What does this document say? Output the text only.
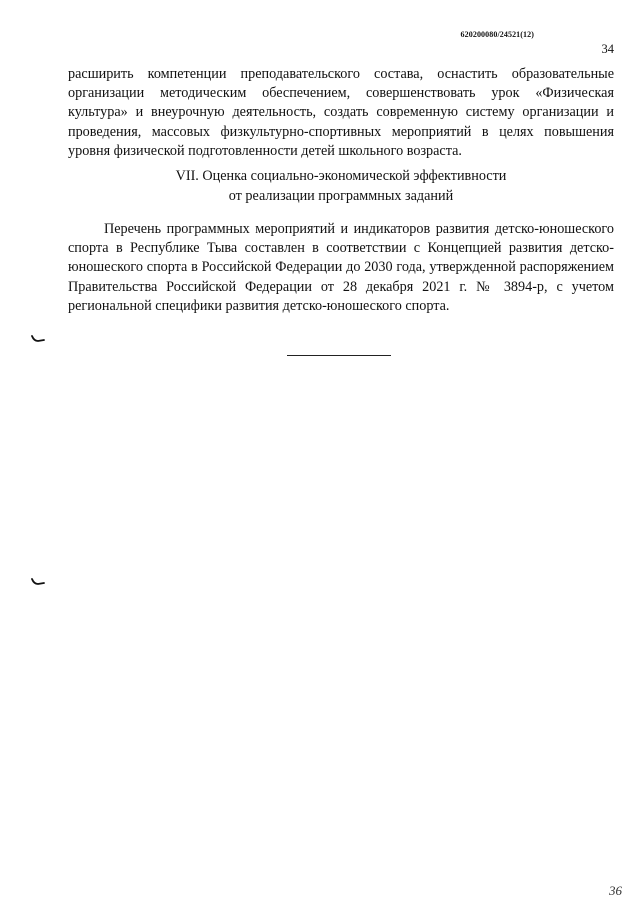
620200080/24521(12)
34

расширить компетенции преподавательского состава, оснастить образовательные организации методическим обеспечением, совершенствовать урок «Физическая культура» и внеурочную деятельность, создать современную систему организации и проведения, массовых физкультурно-спортивных мероприятий в целях повышения уровня физической подготовленности детей школьного возраста.

VII. Оценка социально-экономической эффективности
от реализации программных заданий

Перечень программных мероприятий и индикаторов развития детско-юношеского спорта в Республике Тыва составлен в соответствии с Концепцией развития детско-юношеского спорта в Российской Федерации до 2030 года, утвержденной распоряжением Правительства Российской Федерации от 28 декабря 2021 г. № 3894-р, с учетом региональной специфики развития детско-юношеского спорта.

36
